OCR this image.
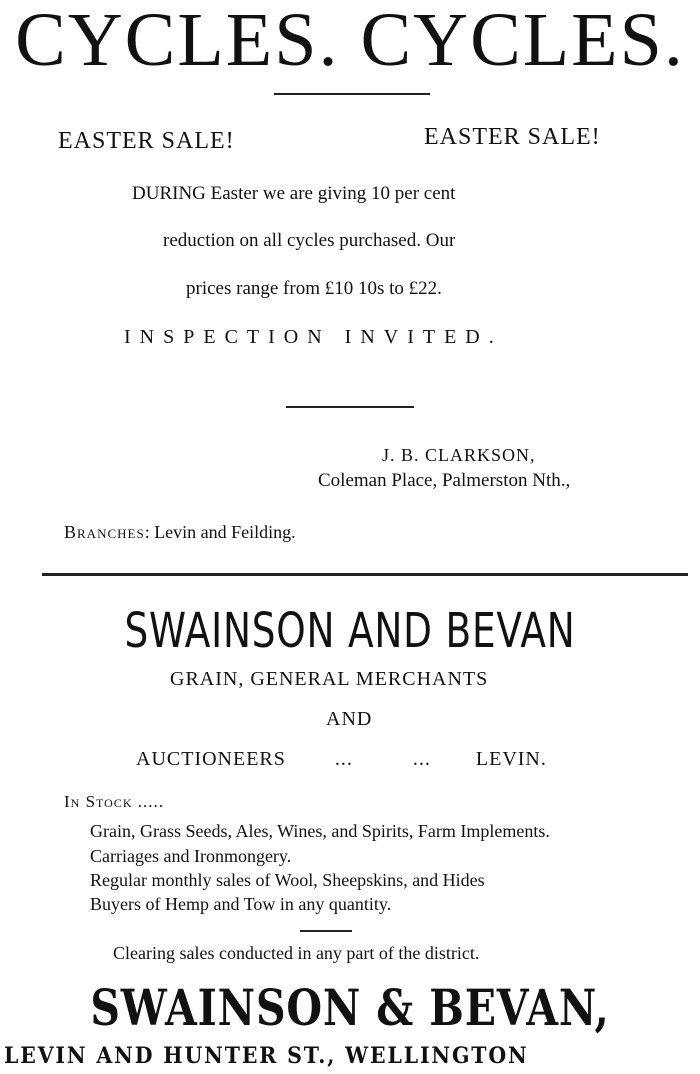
CYCLES. CYCLES.
EASTER SALE!	EASTER SALE!
DURING Easter we are giving 10 per cent
reduction on all cycles purchased. Our
prices range from £10 10s to £22.
INSPECTION INVITED.
J. B. CLARKSON,
Coleman Place, Palmerston Nth.,
Branches: Levin and Feilding.
SWAINSON AND BEVAN
GRAIN, GENERAL MERCHANTS
AND
AUCTIONEERS ...	... LEVIN.
In Stock .....
Grain, Grass Seeds, Ales, Wines, and Spirits, Farm Implements.
Carriages and Ironmongery.
Regular monthly sales of Wool, Sheepskins, and Hides
Buyers of Hemp and Tow in any quantity.
Clearing sales conducted in any part of the district.
SWAINSON & BEVAN,
LEVIN AND HUNTER ST., WELLINGTON
